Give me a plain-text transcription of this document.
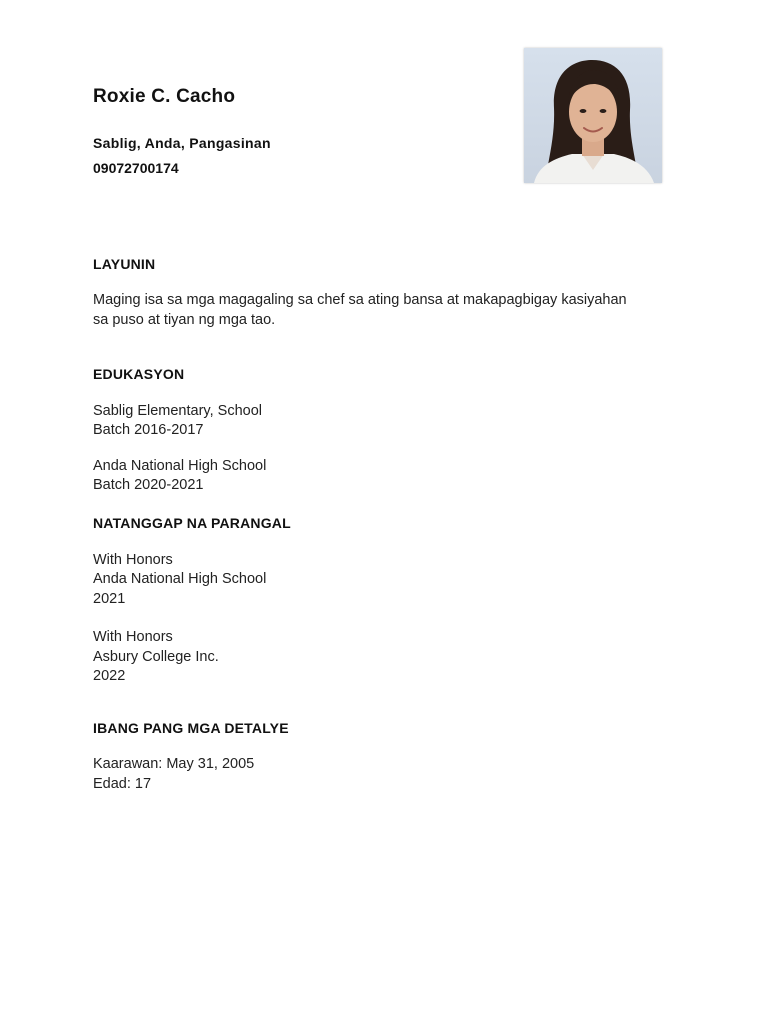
Roxie C. Cacho
Sablig, Anda, Pangasinan
09072700174
LAYUNIN
Maging isa sa mga magagaling sa chef sa ating bansa at makapagbigay kasiyahan
sa puso at tiyan ng mga tao.
EDUKASYON
Sablig Elementary, School
Batch 2016-2017
Anda National High School
Batch 2020-2021
NATANGGAP NA PARANGAL
With Honors
Anda National High School
2021
With Honors
Asbury College Inc.
2022
IBANG PANG MGA DETALYE
Kaarawan: May 31, 2005
Edad: 17
